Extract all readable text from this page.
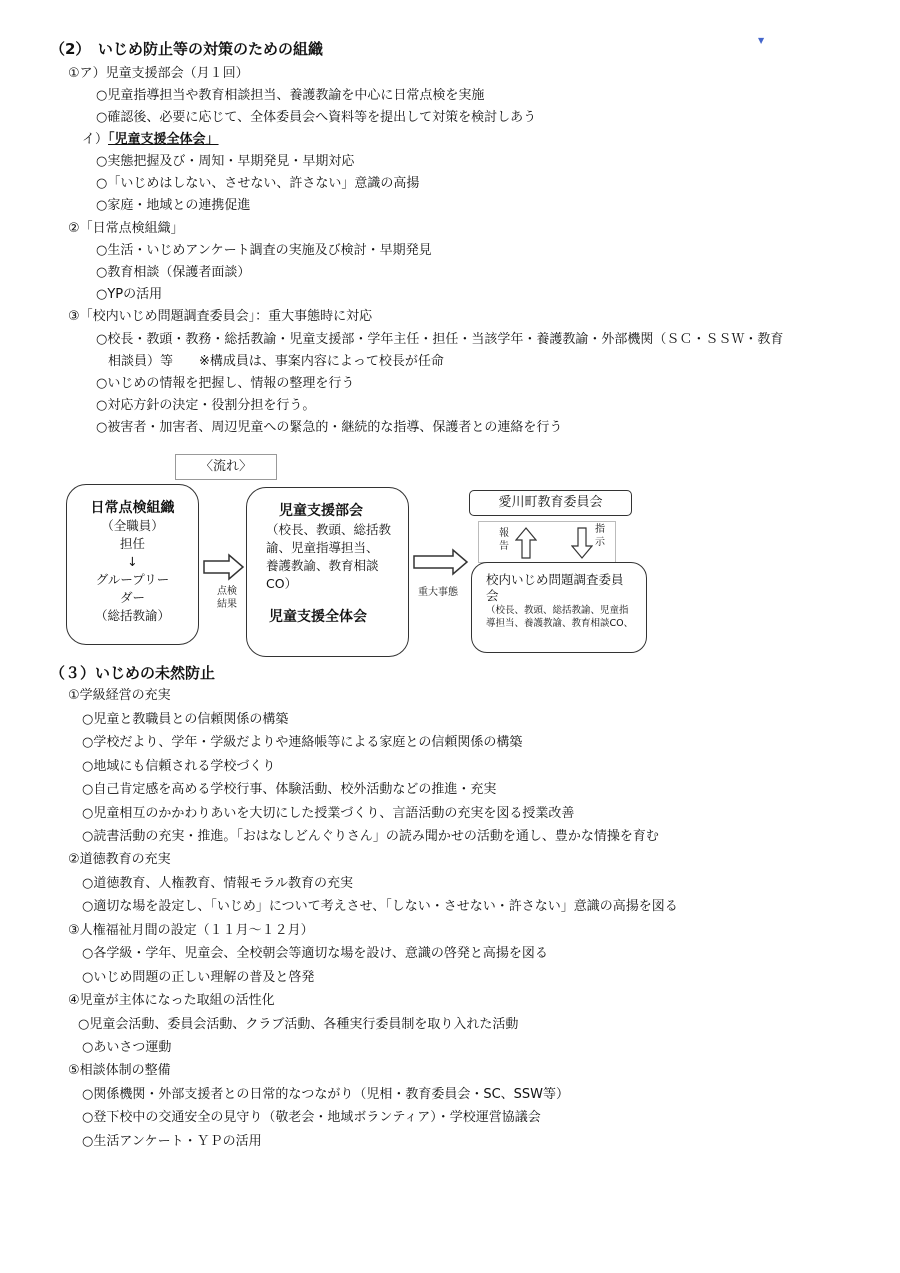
▼
（2）　いじめ防止等の対策のための組織
①ア）児童支援部会（月１回）
○児童指導担当や教育相談担当、養護教諭を中心に日常点検を実施
○確認後、必要に応じて、全体委員会へ資料等を提出して対策を検討しあう
イ）「児童支援全体会」
○実態把握及び・周知・早期発見・早期対応
○「いじめはしない、させない、許さない」意識の高揚
○家庭・地域との連携促進
②「日常点検組織」
○生活・いじめアンケート調査の実施及び検討・早期発見
○教育相談（保護者面談）
○YPの活用
③「校内いじめ問題調査委員会」：重大事態時に対応
○校長・教頭・教務・総括教諭・児童支援部・学年主任・担任・当該学年・養護教諭・外部機関（ＳＣ・ＳＳＷ・教育
相談員）等　　※構成員は、事案内容によって校長が任命
○いじめの情報を把握し、情報の整理を行う
○対応方針の決定・役割分担を行う。
○被害者・加害者、周辺児童への緊急的・継続的な指導、保護者との連絡を行う
〈流れ〉
日常点検組織
（全職員）
担任
↓
グループリー
ダー
（総括教諭）
点検
結果
児童支援部会
（校長、教頭、総括教
諭、児童指導担当、
養護教諭、教育相談
CO）
児童支援全体会
重大事態
愛川町教育委員会
報
告
指
示
校内いじめ問題調査委員
会
（校長、教頭、総括教諭、児童指
導担当、養護教諭、教育相談CO、
（３）いじめの未然防止
①学級経営の充実
○児童と教職員との信頼関係の構築
○学校だより、学年・学級だよりや連絡帳等による家庭との信頼関係の構築
○地域にも信頼される学校づくり
○自己肯定感を高める学校行事、体験活動、校外活動などの推進・充実
○児童相互のかかわりあいを大切にした授業づくり、言語活動の充実を図る授業改善
○読書活動の充実・推進。「おはなしどんぐりさん」の読み聞かせの活動を通し、豊かな情操を育む
②道徳教育の充実
○道徳教育、人権教育、情報モラル教育の充実
○適切な場を設定し、「いじめ」について考えさせ、「しない・させない・許さない」意識の高揚を図る
③人権福祉月間の設定（１１月～１２月）
○各学級・学年、児童会、全校朝会等適切な場を設け、意識の啓発と高揚を図る
○いじめ問題の正しい理解の普及と啓発
④児童が主体になった取組の活性化
○児童会活動、委員会活動、クラブ活動、各種実行委員制を取り入れた活動
○あいさつ運動
⑤相談体制の整備
○関係機関・外部支援者との日常的なつながり（児相・教育委員会・SC、SSW等）
○登下校中の交通安全の見守り（敬老会・地域ボランティア）・学校運営協議会
○生活アンケート・ＹＰの活用
